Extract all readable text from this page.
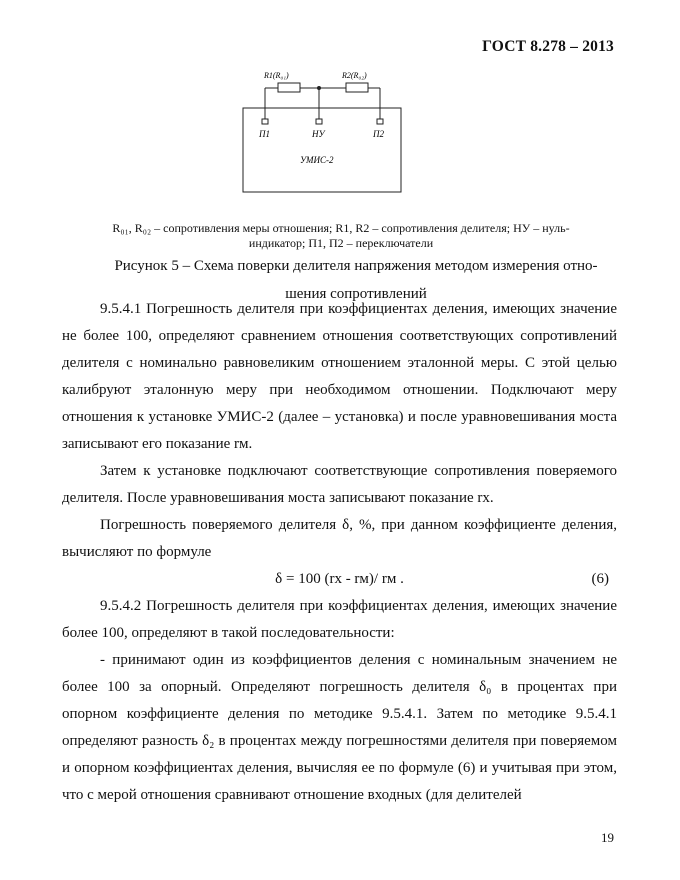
ГОСТ 8.278 – 2013
R1(R₀₁)	R2(R₀₂)
П1	НУ	П2
УМИС-2
R₀₁, R₀₂ – сопротивления меры отношения; R1, R2 – сопротивления делителя; НУ – нуль-
индикатор; П1, П2 – переключатели
Рисунок 5 – Схема поверки делителя напряжения методом измерения отно-
шения сопротивлений

9.5.4.1 Погрешность делителя при коэффициентах деления, имеющих значение не более 100, определяют сравнением отношения соответствующих сопротивлений делителя с номинально равновеликим отношением эталонной меры. С этой целью калибруют эталонную меру при необходимом отношении. Подключают меру отношения к установке УМИС-2 (далее – установка) и после уравновешивания моста записывают его показание rм.

Затем к установке подключают соответствующие сопротивления поверяемого делителя. После уравновешивания моста записывают показание rх.

Погрешность поверяемого делителя δ, %, при данном коэффициенте деления, вычисляют по формуле

δ = 100 (rх - rм)/ rм .	(6)

9.5.4.2 Погрешность делителя при коэффициентах деления, имеющих значение более 100, определяют в такой последовательности:

- принимают один из коэффициентов деления с номинальным значением не более 100 за опорный. Определяют погрешность делителя δ₀ в процентах при опорном коэффициенте деления по методике 9.5.4.1. Затем по методике 9.5.4.1 определяют разность δ₂ в процентах между погрешностями делителя при поверяемом и опорном коэффициентах деления, вычисляя ее по формуле (6) и учитывая при этом, что с мерой отношения сравнивают отношение входных (для делителей

19
